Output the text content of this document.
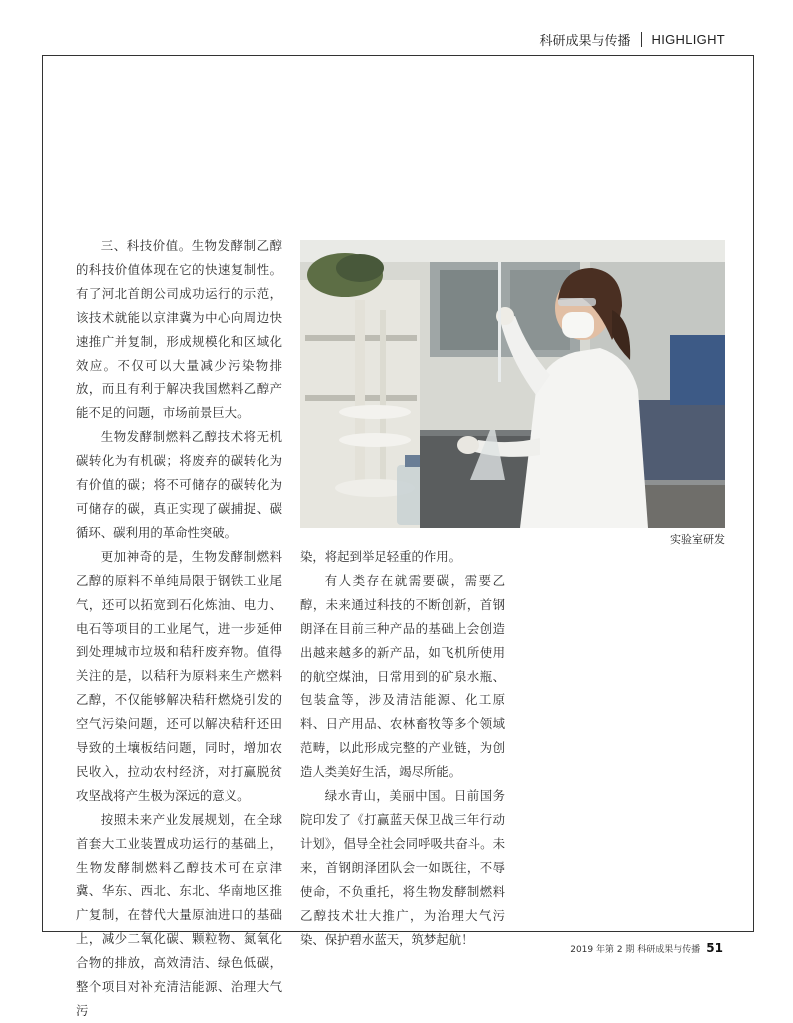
科研成果与传播 HIGHLIGHT

三、科技价值。生物发酵制乙醇的科技价值体现在它的快速复制性。有了河北首朗公司成功运行的示范，该技术就能以京津冀为中心向周边快速推广并复制，形成规模化和区域化效应。不仅可以大量减少污染物排放，而且有利于解决我国燃料乙醇产能不足的问题，市场前景巨大。

生物发酵制燃料乙醇技术将无机碳转化为有机碳；将废弃的碳转化为有价值的碳；将不可储存的碳转化为可储存的碳，真正实现了碳捕捉、碳循环、碳利用的革命性突破。

更加神奇的是，生物发酵制燃料乙醇的原料不单纯局限于钢铁工业尾气，还可以拓宽到石化炼油、电力、电石等项目的工业尾气，进一步延伸到处理城市垃圾和秸秆废弃物。值得关注的是，以秸秆为原料来生产燃料乙醇，不仅能够解决秸秆燃烧引发的空气污染问题，还可以解决秸秆还田导致的土壤板结问题，同时，增加农民收入，拉动农村经济，对打赢脱贫攻坚战将产生极为深远的意义。

按照未来产业发展规划，在全球首套大工业装置成功运行的基础上，生物发酵制燃料乙醇技术可在京津冀、华东、西北、东北、华南地区推广复制，在替代大量原油进口的基础上，减少二氧化碳、颗粒物、氮氧化合物的排放，高效清洁、绿色低碳，整个项目对补充清洁能源、治理大气污

实验室研发

染，将起到举足轻重的作用。

有人类存在就需要碳，需要乙醇，未来通过科技的不断创新，首钢朗泽在目前三种产品的基础上会创造出越来越多的新产品，如飞机所使用的航空煤油，日常用到的矿泉水瓶、包装盒等，涉及清洁能源、化工原料、日产用品、农林畜牧等多个领域范畴，以此形成完整的产业链，为创造人类美好生活，竭尽所能。

绿水青山，美丽中国。日前国务院印发了《打赢蓝天保卫战三年行动计划》，倡导全社会同呼吸共奋斗。未来，首钢朗泽团队会一如既往，不辱使命，不负重托，将生物发酵制燃料乙醇技术壮大推广，为治理大气污染、保护碧水蓝天，筑梦起航！

2019 年第 2 期 科研成果与传播 51
